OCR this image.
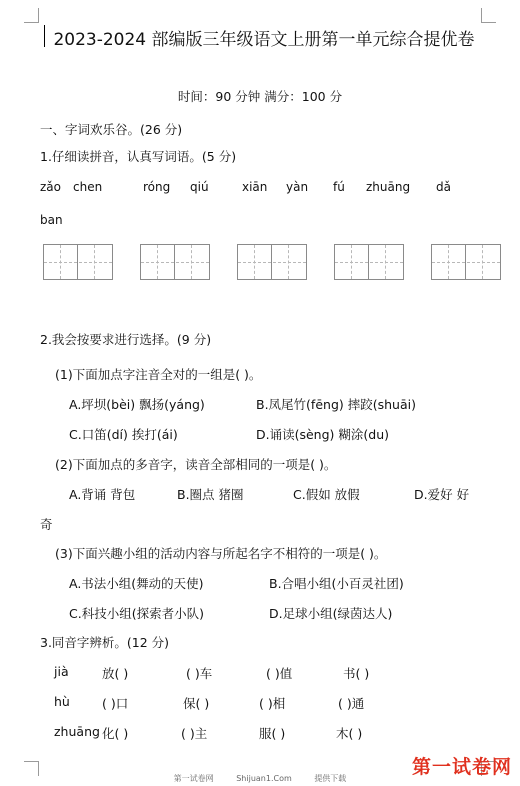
2023-2024 部编版三年级语文上册第一单元综合提优卷
时间：90 分钟 满分：100 分
一、字词欢乐谷。(26 分)
1.仔细读拼音，认真写词语。(5 分)
zǎo chen	róng qiú	xiān yàn fú zhuāng dǎ
ban
2.我会按要求进行选择。(9 分)
(1)下面加点字注音全对的一组是( )。
A.坪坝(bèi) 飘扬(yáng)	B.凤尾竹(fēng) 摔跤(shuāi)
C.口笛(dí) 挨打(ái)	D.诵读(sèng) 糊涂(du)
(2)下面加点的多音字，读音全部相同的一项是( )。
A.背诵 背包	B.圈点 猪圈	C.假如 放假	D.爱好 好
奇
(3)下面兴趣小组的活动内容与所起名字不相符的一项是( )。
A.书法小组(舞动的天使)	B.合唱小组(小百灵社团)
C.科技小组(探索者小队)	D.足球小组(绿茵达人)
3.同音字辨析。(12 分)
jià	放( )	( )车	( )值	书( )
hù	( )口	保( )	( )相	( )通
zhuāng 化( )	( )主	服( )	木( )
第一试卷网	Shijuan1.Com	提供下载
第一试卷网
